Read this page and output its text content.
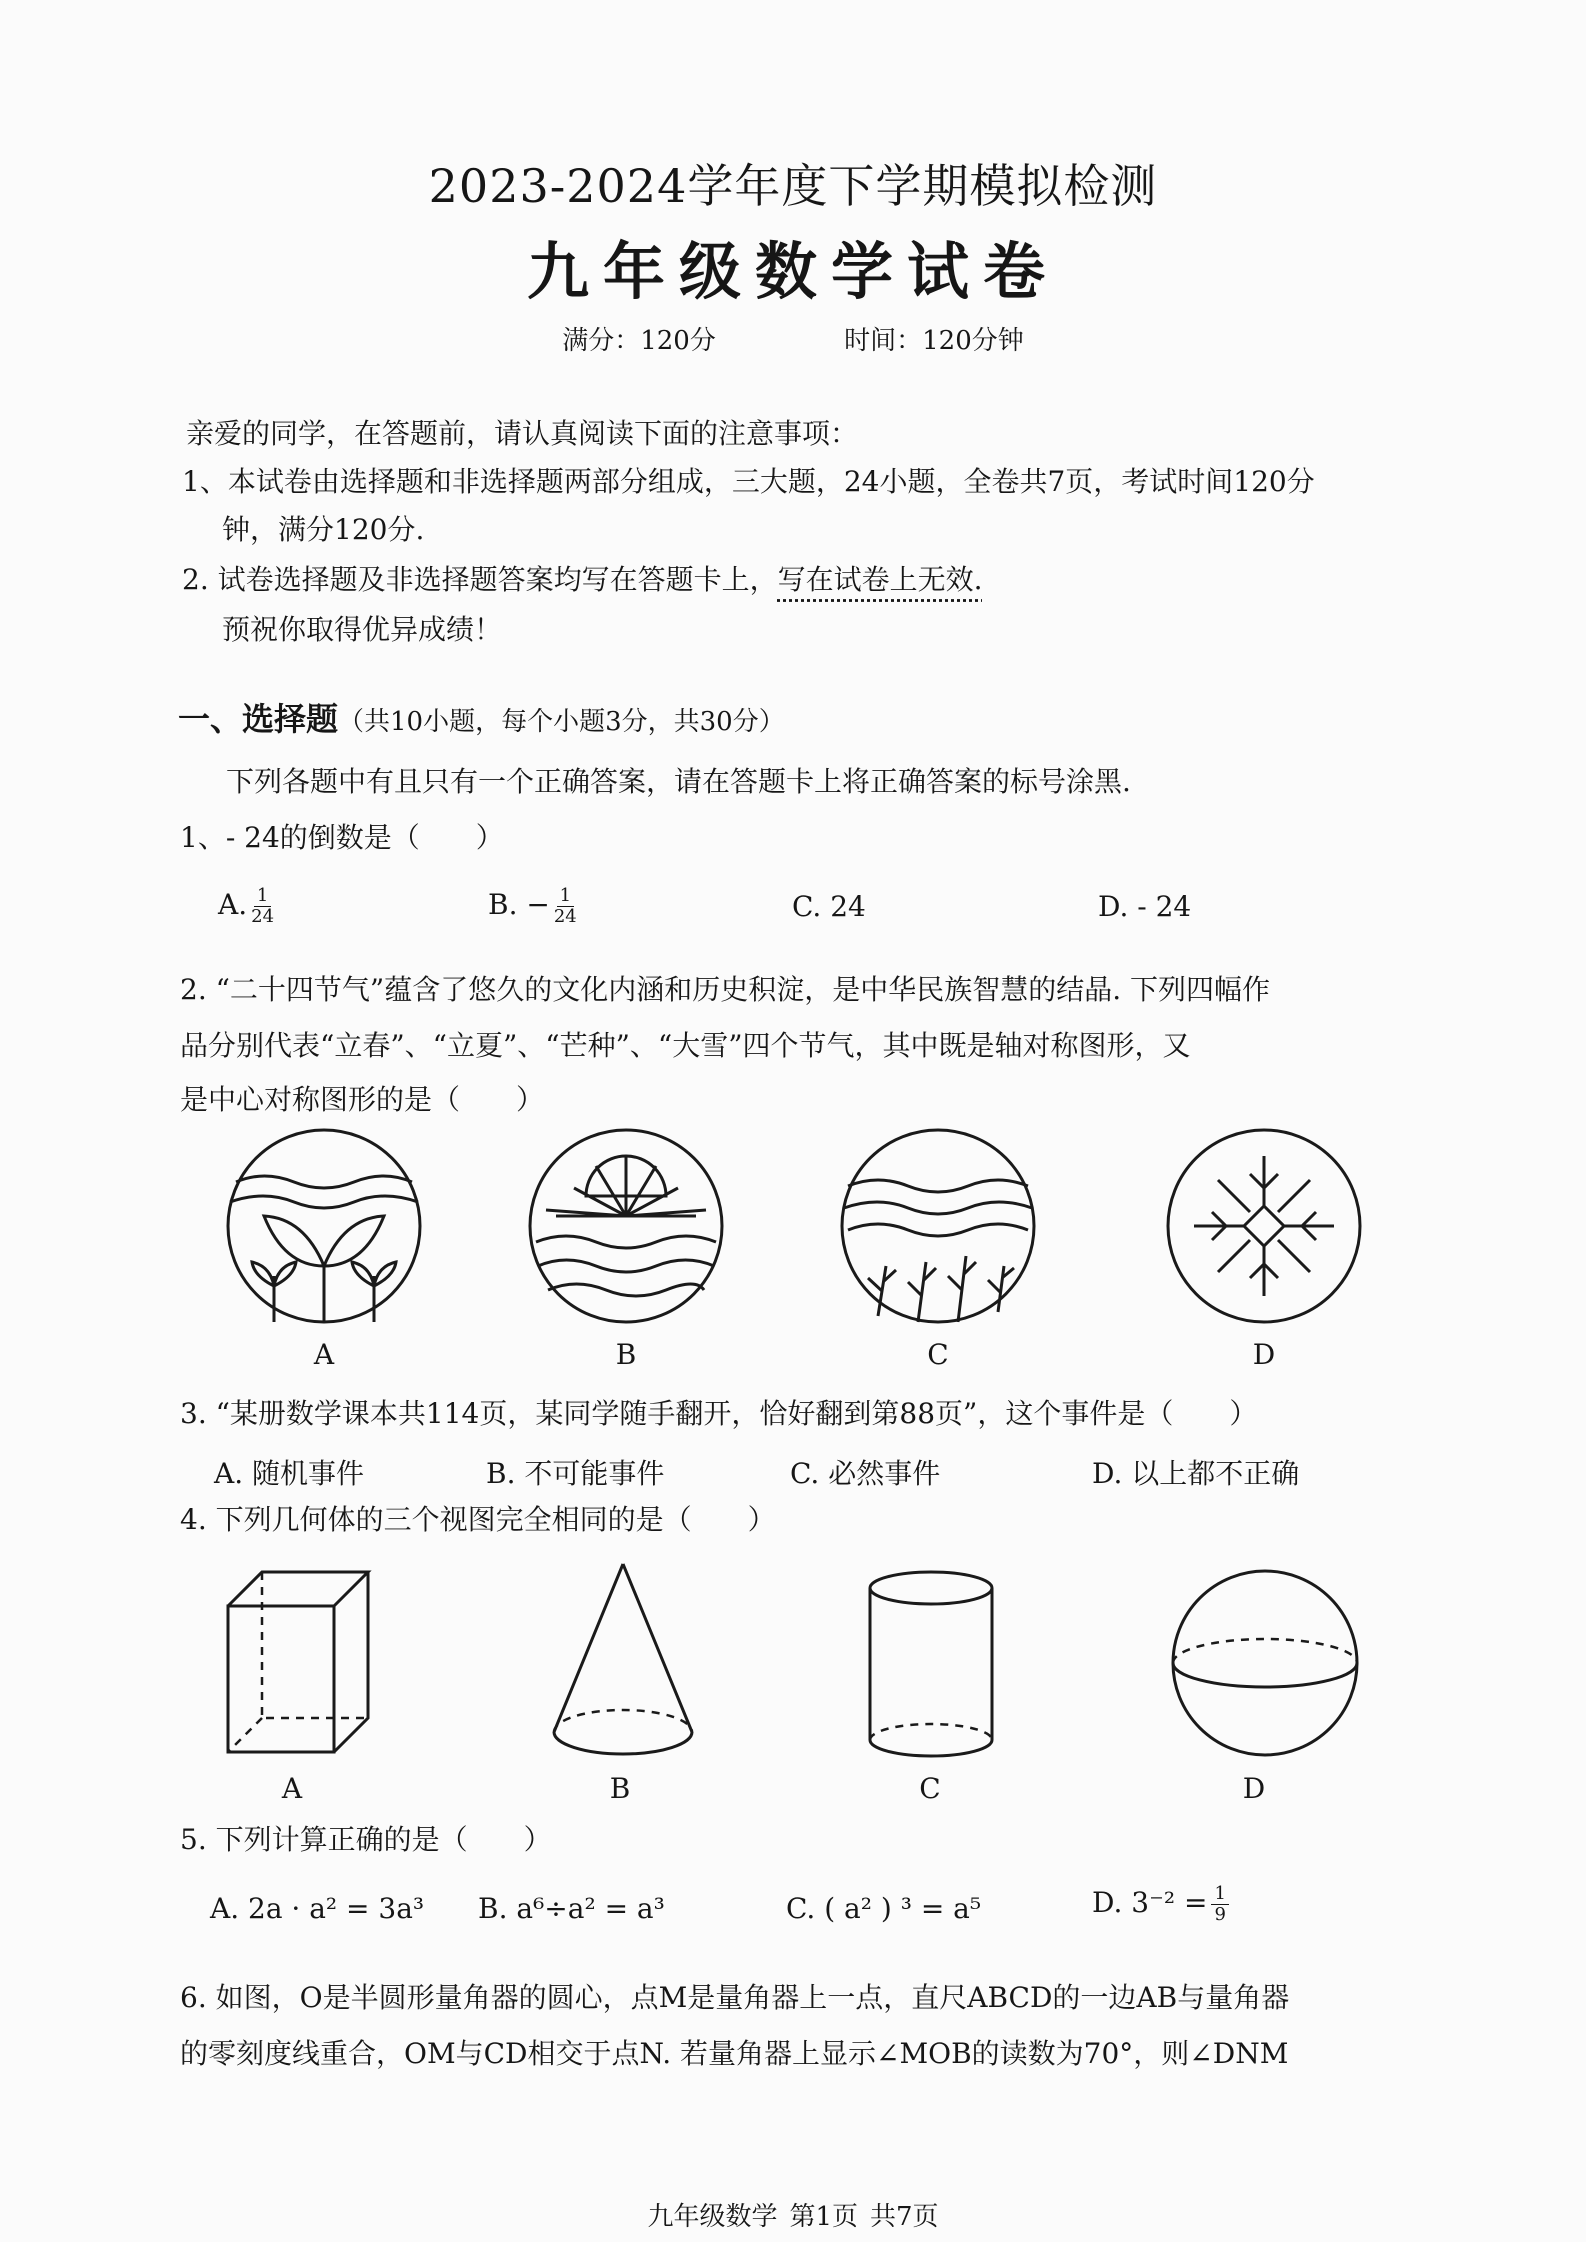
2023-2024学年度下学期模拟检测
九年级数学试卷
满分：120分	时间：120分钟
亲爱的同学，在答题前，请认真阅读下面的注意事项：
1、本试卷由选择题和非选择题两部分组成，三大题，24小题，全卷共7页，考试时间120分
钟，满分120分.
2. 试卷选择题及非选择题答案均写在答题卡上，写在试卷上无效.
预祝你取得优异成绩！
一、选择题（共10小题，每个小题3分，共30分）
下列各题中有且只有一个正确答案，请在答题卡上将正确答案的标号涂黑.
1、- 24的倒数是（　　）
A. $\frac{1}{24}$	B. − $\frac{1}{24}$	C. 24	D. - 24
2. “二十四节气”蕴含了悠久的文化内涵和历史积淀，是中华民族智慧的结晶. 下列四幅作
品分别代表“立春”、“立夏”、“芒种”、“大雪”四个节气，其中既是轴对称图形，又
是中心对称图形的是（　　）
A	B	C	D
3. “某册数学课本共114页，某同学随手翻开，恰好翻到第88页”，这个事件是（　　）
A. 随机事件	B. 不可能事件	C. 必然事件	D. 以上都不正确
4. 下列几何体的三个视图完全相同的是（　　）
A	B	C	D
5. 下列计算正确的是（　　）
A. 2a · a² = 3a³ B. a⁶÷a² = a³	C. ( a² ) ³ = a⁵	D. $3^{-2} = \frac{1}{9}$
6. 如图，O是半圆形量角器的圆心，点M是量角器上一点，直尺ABCD的一边AB与量角器
的零刻度线重合，OM与CD相交于点N. 若量角器上显示∠MOB的读数为70°，则∠DNM
九年级数学 第1页 共7页
